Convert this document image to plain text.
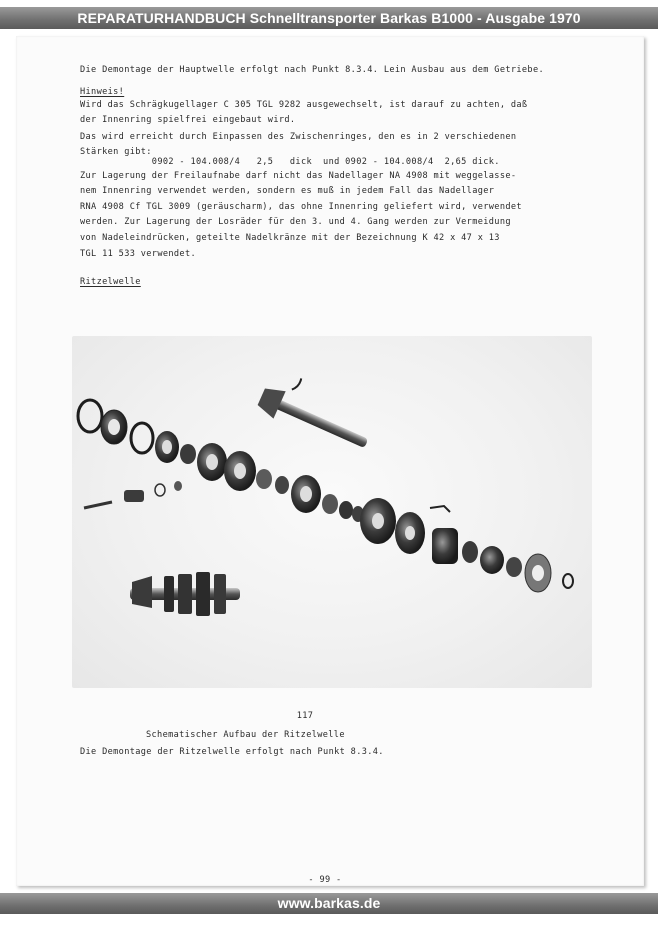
REPARATURHANDBUCH Schnelltransporter Barkas B1000 - Ausgabe 1970
Die Demontage der Hauptwelle erfolgt nach Punkt 8.3.4. Lein Ausbau aus dem Getriebe.
Hinweis!
Wird das Schrägkugellager C 305 TGL 9282 ausgewechselt, ist darauf zu achten, daß
der Innenring spielfrei eingebaut wird.
Das wird erreicht durch Einpassen des Zwischenringes, den es in 2 verschiedenen
Stärken gibt:
0902 - 104.008/4   2,5   dick  und 0902 - 104.008/4  2,65 dick.
Zur Lagerung der Freilaufnabe darf nicht das Nadellager NA 4908 mit weggelasse-
nem Innenring verwendet werden, sondern es muß in jedem Fall das Nadellager
RNA 4908 Cf TGL 3009 (geräuscharm), das ohne Innenring geliefert wird, verwendet
werden. Zur Lagerung der Losräder für den 3. und 4. Gang werden zur Vermeidung
von Nadeleindrücken, geteilte Nadelkränze mit der Bezeichnung K 42 x 47 x 13
TGL 11 533 verwendet.
Ritzelwelle
117
Schematischer Aufbau der Ritzelwelle
Die Demontage der Ritzelwelle erfolgt nach Punkt 8.3.4.
- 99 -
www.barkas.de
